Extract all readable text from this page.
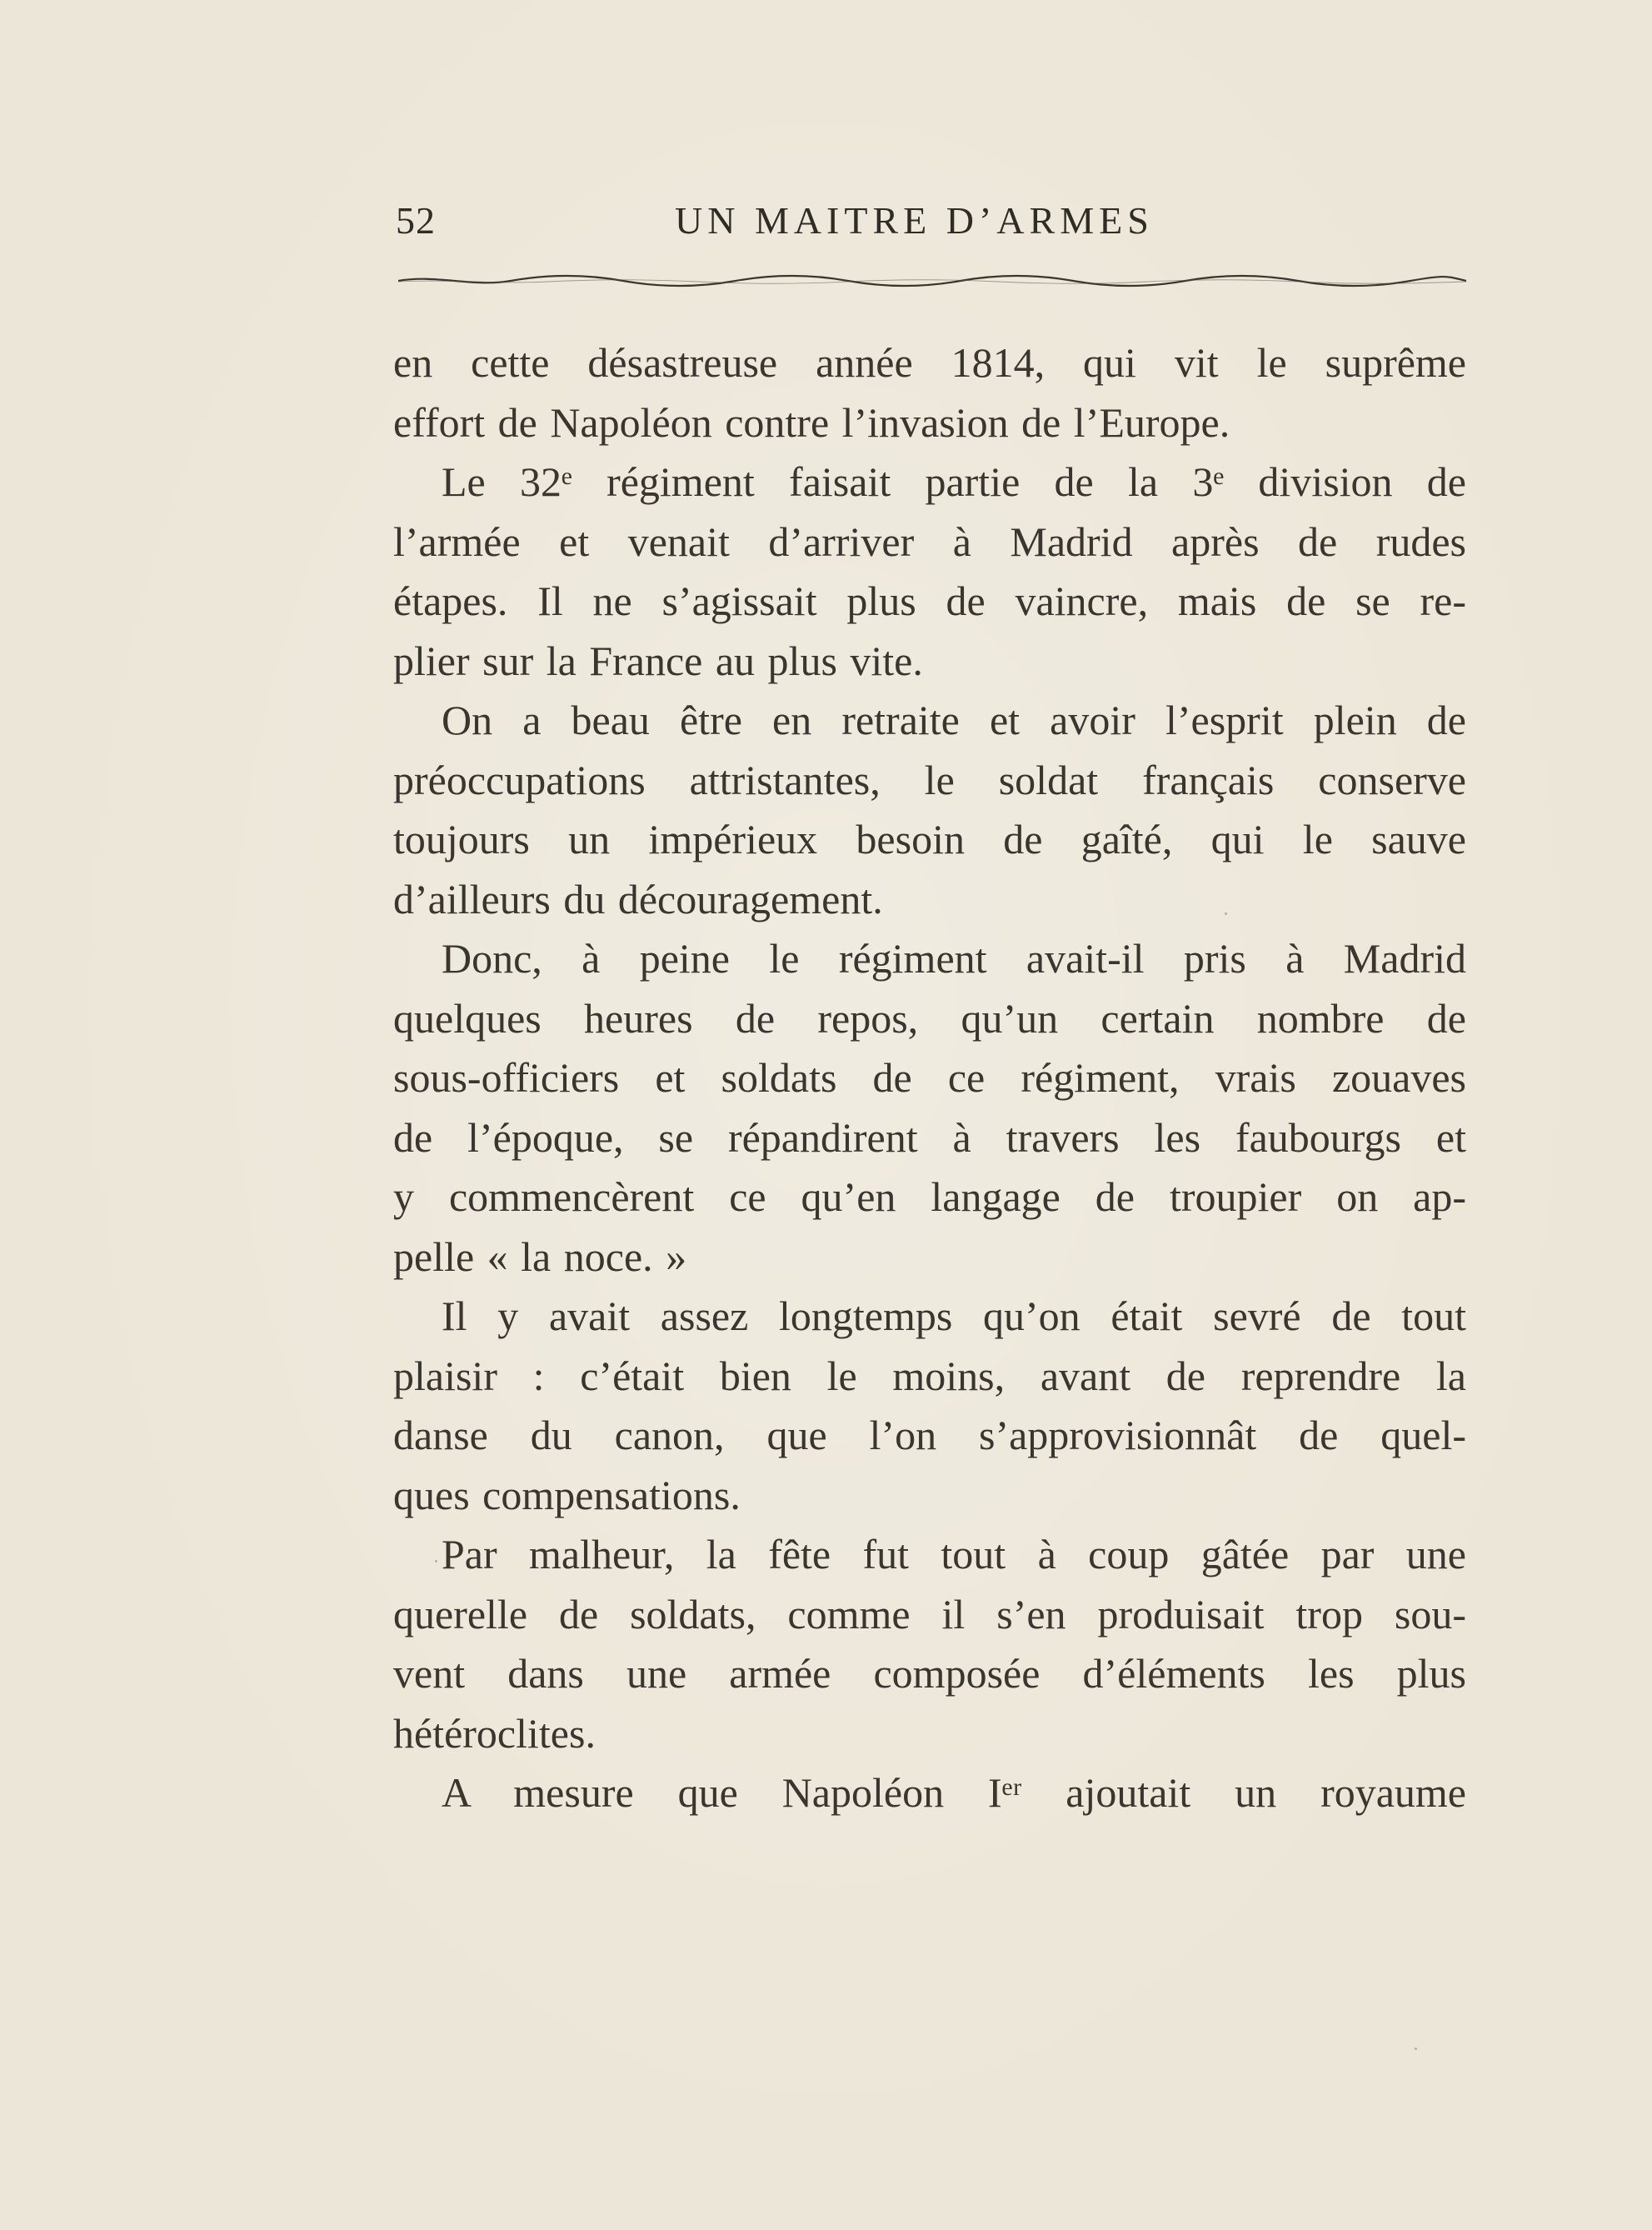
52	UN MAITRE D’ARMES
en cette désastreuse année 1814, qui vit le suprême
effort de Napoléon contre l’invasion de l’Europe.
Le 32ᵉ régiment faisait partie de la 3ᵉ division de
l’armée et venait d’arriver à Madrid après de rudes
étapes. Il ne s’agissait plus de vaincre, mais de se re-
plier sur la France au plus vite.
On a beau être en retraite et avoir l’esprit plein de
préoccupations attristantes, le soldat français conserve
toujours un impérieux besoin de gaîté, qui le sauve
d’ailleurs du découragement.
Donc, à peine le régiment avait-il pris à Madrid
quelques heures de repos, qu’un certain nombre de
sous-officiers et soldats de ce régiment, vrais zouaves
de l’époque, se répandirent à travers les faubourgs et
y commencèrent ce qu’en langage de troupier on ap-
pelle « la noce. »
Il y avait assez longtemps qu’on était sevré de tout
plaisir : c’était bien le moins, avant de reprendre la
danse du canon, que l’on s’approvisionnât de quel-
ques compensations.
Par malheur, la fête fut tout à coup gâtée par une
querelle de soldats, comme il s’en produisait trop sou-
vent dans une armée composée d’éléments les plus
hétéroclites.
A mesure que Napoléon Iᵉʳ ajoutait un royaume
